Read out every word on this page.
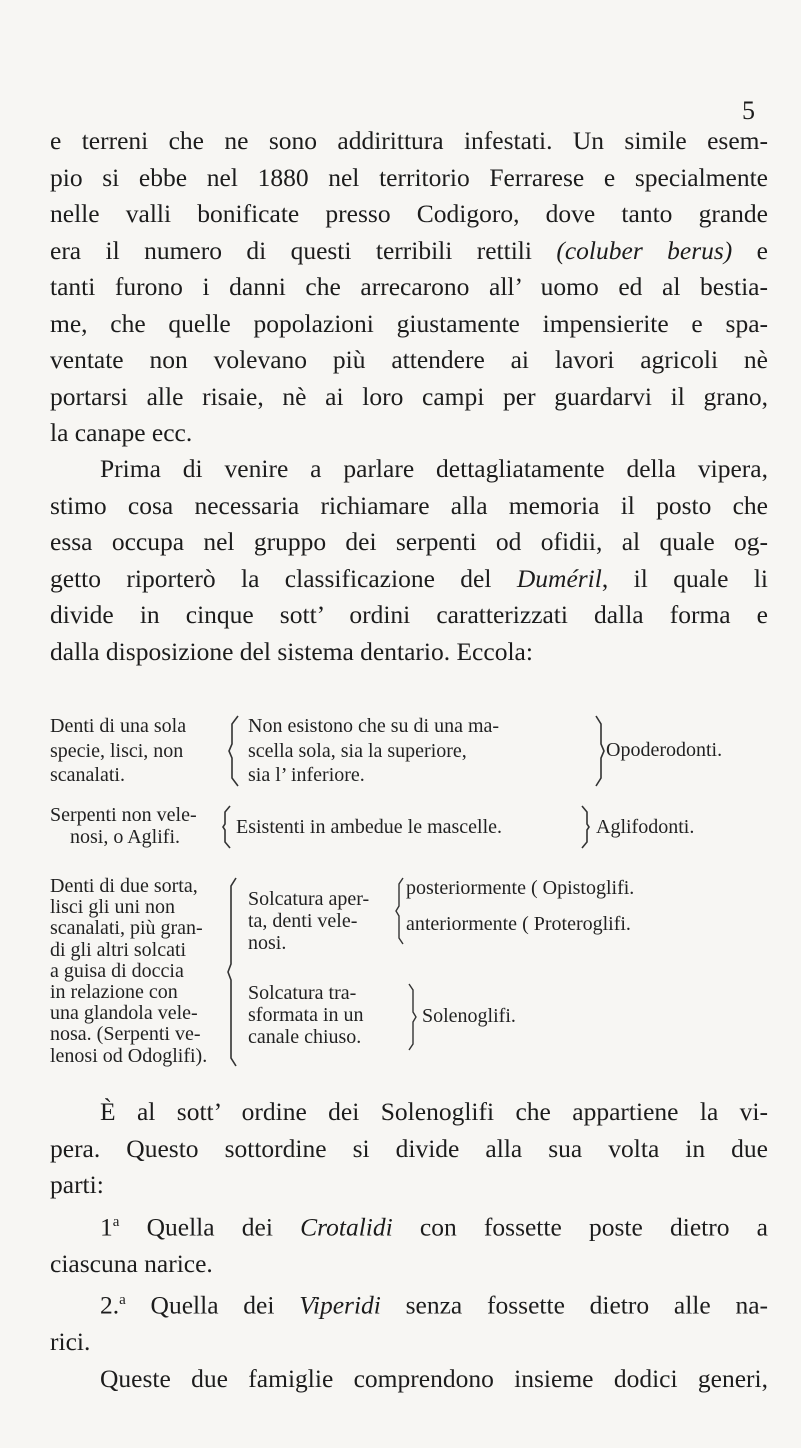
5
e terreni che ne sono addirittura infestati. Un simile esem-
pio si ebbe nel 1880 nel territorio Ferrarese e specialmente
nelle valli bonificate presso Codigoro, dove tanto grande
era il numero di questi terribili rettili (coluber berus) e
tanti furono i danni che arrecarono all’ uomo ed al bestia-
me, che quelle popolazioni giustamente impensierite e spa-
ventate non volevano più attendere ai lavori agricoli nè
portarsi alle risaie, nè ai loro campi per guardarvi il grano,
la canape ecc.
Prima di venire a parlare dettagliatamente della vipera,
stimo cosa necessaria richiamare alla memoria il posto che
essa occupa nel gruppo dei serpenti od ofidii, al quale og-
getto riporterò la classificazione del Duméril, il quale li
divide in cinque sott’ ordini caratterizzati dalla forma e
dalla disposizione del sistema dentario. Eccola:
Denti di una sola
specie, lisci, non
scanalati.
Non esistono che su di una ma-
scella sola, sia la superiore,
sia l’ inferiore.
Opoderodonti.
Serpenti non vele-
nosi, o Aglifi.	Esistenti in ambedue le mascelle.	Aglifodonti.
Denti di due sorta,
lisci gli uni non
scanalati, più gran-
di gli altri solcati
a guisa di doccia
in relazione con
una glandola vele-
nosa. (Serpenti ve-
lenosi od Odoglifi).
Solcatura aper-
ta, denti vele-
nosi.
posteriormente ( Opistoglifi.
anteriormente ( Proteroglifi.
Solcatura tra-
sformata in un
canale chiuso.
Solenoglifi.
È al sott’ ordine dei Solenoglifi che appartiene la vi-
pera. Questo sottordine si divide alla sua volta in due
parti:
1$^a$ Quella dei Crotalidi con fossette poste dietro a
ciascuna narice.
2.$^a$ Quella dei Viperidi senza fossette dietro alle na-
rici.
Queste due famiglie comprendono insieme dodici generi,
